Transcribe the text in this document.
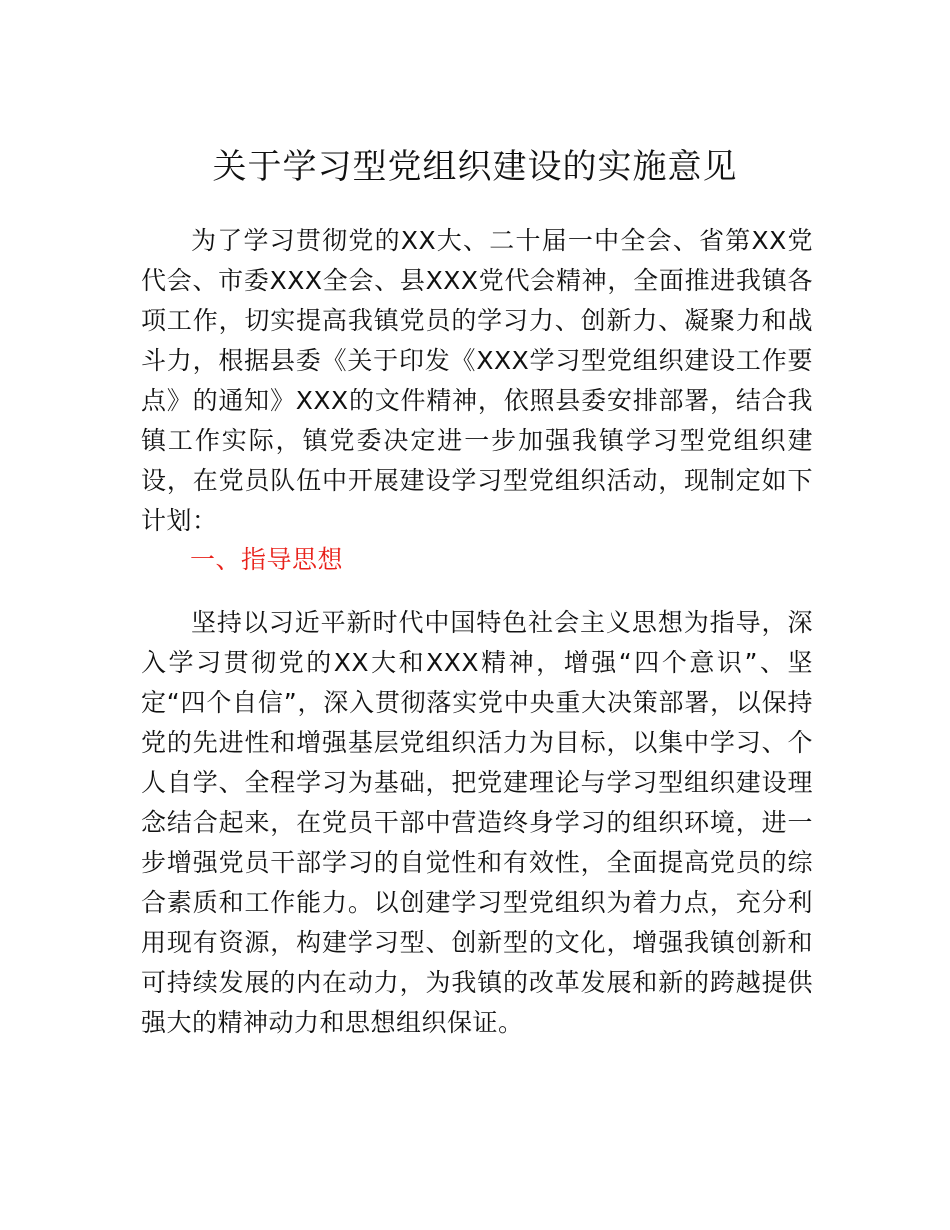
关于学习型党组织建设的实施意见

为了学习贯彻党的XX大、二十届一中全会、省第XX党代会、市委XXX全会、县XXX党代会精神，全面推进我镇各项工作，切实提高我镇党员的学习力、创新力、凝聚力和战斗力，根据县委《关于印发《XXX学习型党组织建设工作要点》的通知》XXX的文件精神，依照县委安排部署，结合我镇工作实际，镇党委决定进一步加强我镇学习型党组织建设，在党员队伍中开展建设学习型党组织活动，现制定如下计划：

一、指导思想

坚持以习近平新时代中国特色社会主义思想为指导，深入学习贯彻党的XX大和XXX精神，增强“四个意识”、坚定“四个自信”，深入贯彻落实党中央重大决策部署，以保持党的先进性和增强基层党组织活力为目标，以集中学习、个人自学、全程学习为基础，把党建理论与学习型组织建设理念结合起来，在党员干部中营造终身学习的组织环境，进一步增强党员干部学习的自觉性和有效性，全面提高党员的综合素质和工作能力。以创建学习型党组织为着力点，充分利用现有资源，构建学习型、创新型的文化，增强我镇创新和可持续发展的内在动力，为我镇的改革发展和新的跨越提供强大的精神动力和思想组织保证。
